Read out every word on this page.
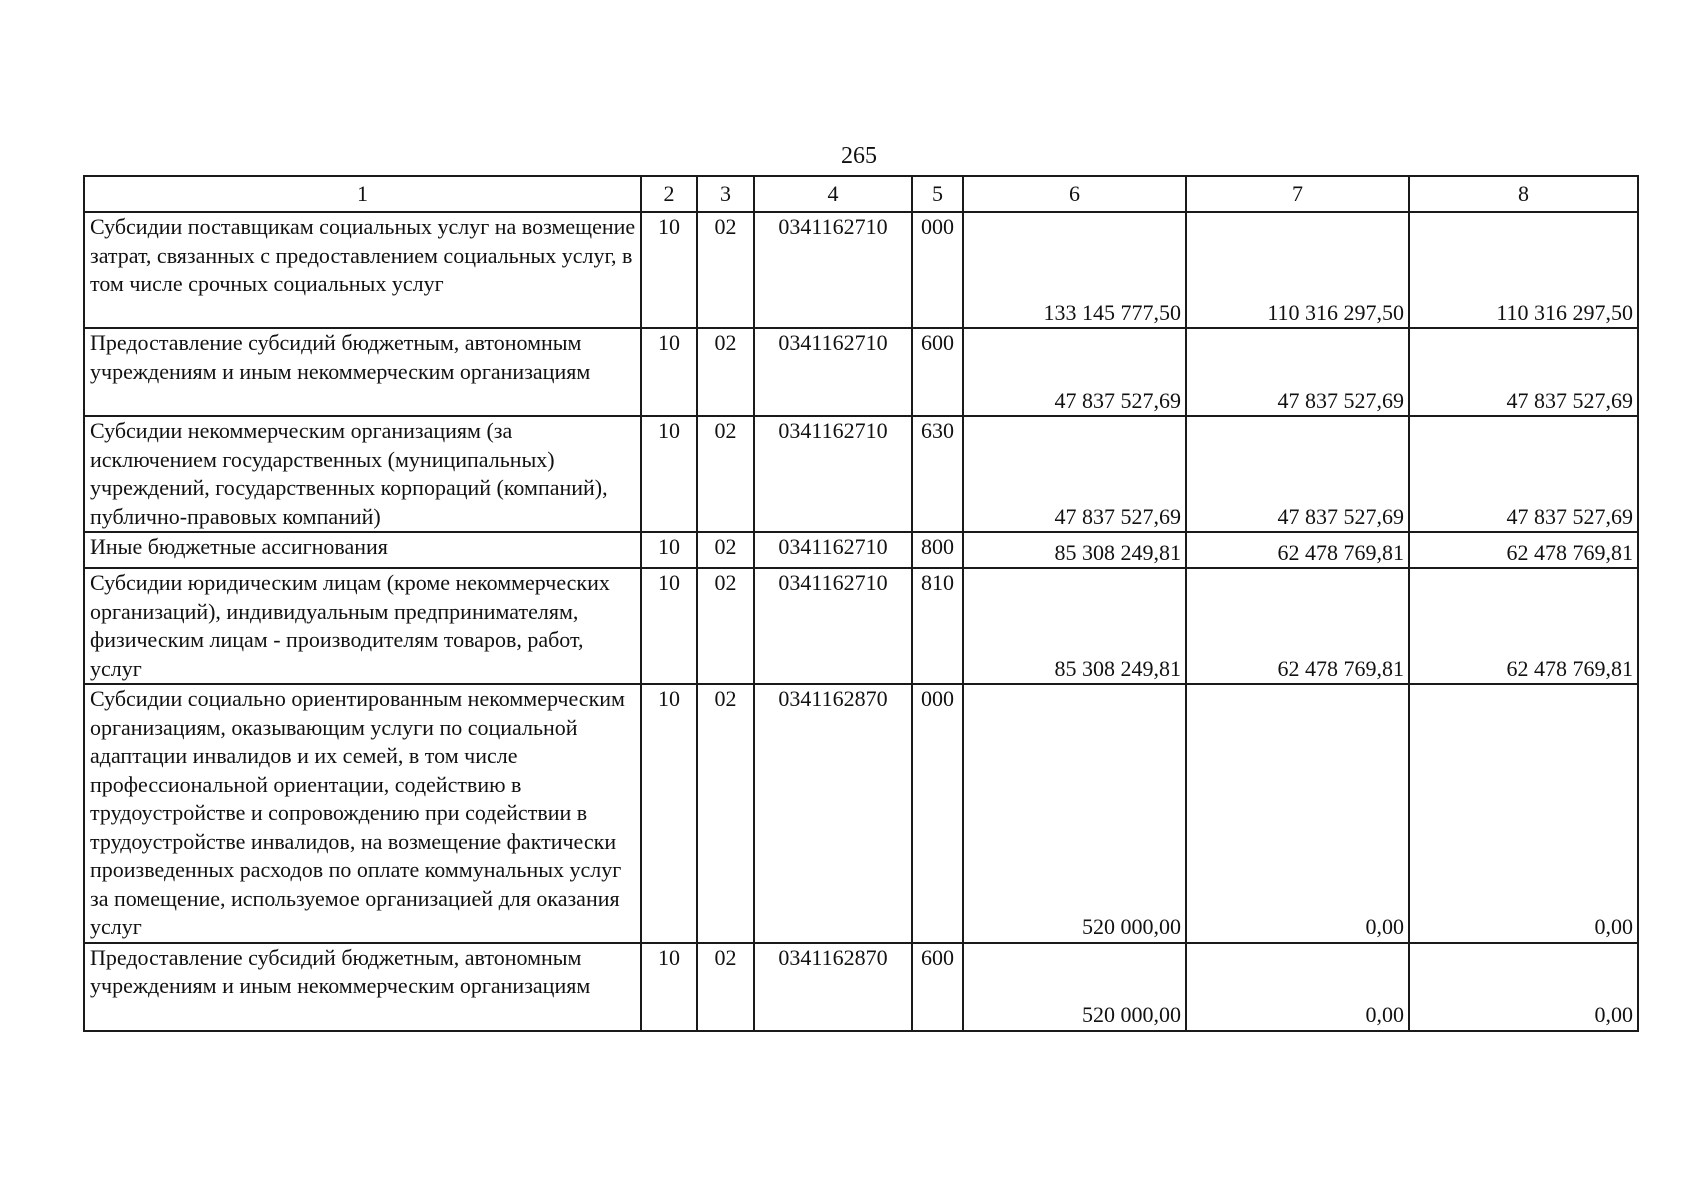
265
1	2	3	4	5	6	7	8
Субсидии поставщикам социальных услуг на возмещение затрат, связанных с предоставлением социальных услуг, в том числе срочных социальных услуг	10	02	0341162710	000	133 145 777,50	110 316 297,50	110 316 297,50
Предоставление субсидий бюджетным, автономным учреждениям и иным некоммерческим организациям	10	02	0341162710	600	47 837 527,69	47 837 527,69	47 837 527,69
Субсидии некоммерческим организациям (за исключением государственных (муниципальных) учреждений, государственных корпораций (компаний), публично-правовых компаний)	10	02	0341162710	630	47 837 527,69	47 837 527,69	47 837 527,69
Иные бюджетные ассигнования	10	02	0341162710	800	85 308 249,81	62 478 769,81	62 478 769,81
Субсидии юридическим лицам (кроме некоммерческих организаций), индивидуальным предпринимателям, физическим лицам - производителям товаров, работ, услуг	10	02	0341162710	810	85 308 249,81	62 478 769,81	62 478 769,81
Субсидии социально ориентированным некоммерческим организациям, оказывающим услуги по социальной адаптации инвалидов и их семей, в том числе профессиональной ориентации, содействию в трудоустройстве и сопровождению при содействии в трудоустройстве инвалидов, на возмещение фактически произведенных расходов по оплате коммунальных услуг за помещение, используемое организацией для оказания услуг	10	02	0341162870	000	520 000,00	0,00	0,00
Предоставление субсидий бюджетным, автономным учреждениям и иным некоммерческим организациям	10	02	0341162870	600	520 000,00	0,00	0,00
